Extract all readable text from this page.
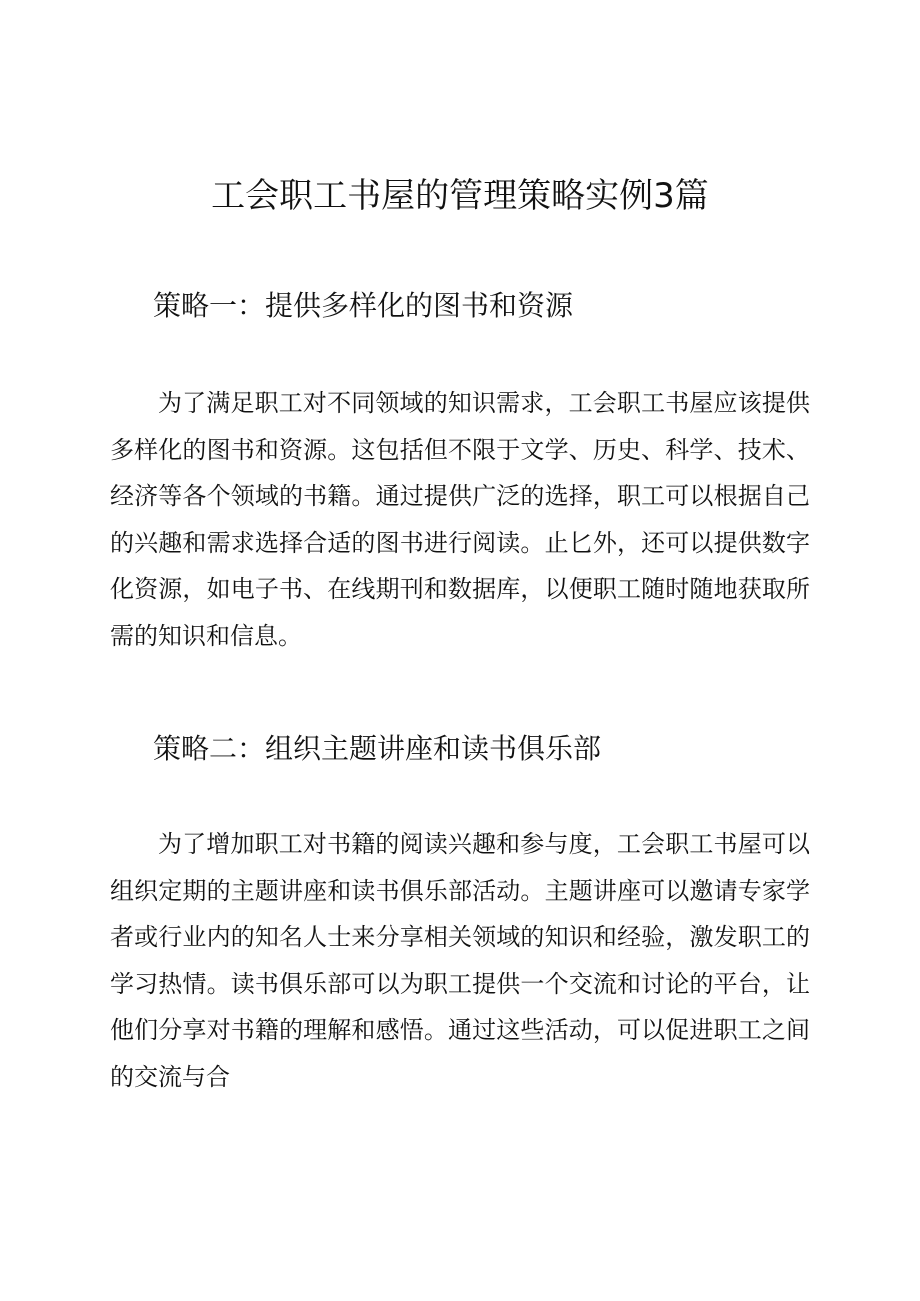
工会职工书屋的管理策略实例3篇
策略一：提供多样化的图书和资源

为了满足职工对不同领域的知识需求，工会职工书屋应该提供多样化的图书和资源。这包括但不限于文学、历史、科学、技术、经济等各个领域的书籍。通过提供广泛的选择，职工可以根据自己的兴趣和需求选择合适的图书进行阅读。止匕外，还可以提供数字化资源，如电子书、在线期刊和数据库，以便职工随时随地获取所需的知识和信息。

策略二：组织主题讲座和读书俱乐部

为了增加职工对书籍的阅读兴趣和参与度，工会职工书屋可以组织定期的主题讲座和读书俱乐部活动。主题讲座可以邀请专家学者或行业内的知名人士来分享相关领域的知识和经验，激发职工的学习热情。读书俱乐部可以为职工提供一个交流和讨论的平台，让他们分享对书籍的理解和感悟。通过这些活动，可以促进职工之间的交流与合
